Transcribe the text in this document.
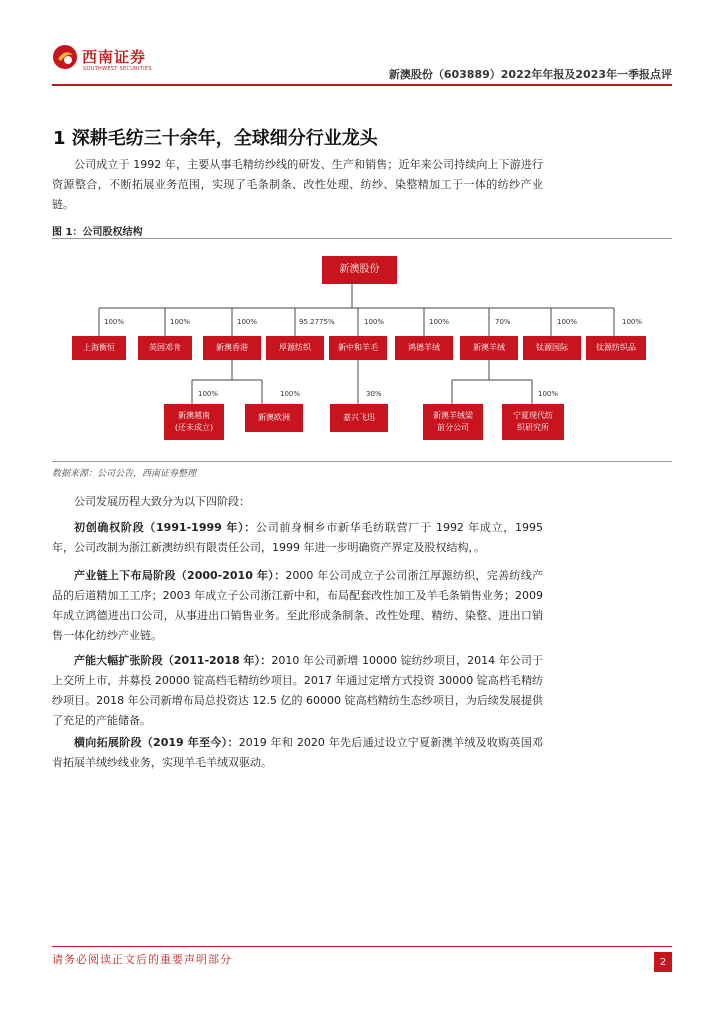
西南证券
SOUTHWEST SECURITIES	新澳股份（603889）2022年年报及2023年一季报点评
1 深耕毛纺三十余年，全球细分行业龙头
公司成立于 1992 年，主要从事毛精纺纱线的研发、生产和销售；近年来公司持续向上下游进行资源整合，不断拓展业务范围，实现了毛条制条、改性处理、纺纱、染整精加工于一体的纺纱产业链。
图 1：公司股权结构
新澳股份
100%	100%	100%	95.2775%	100%	100%	70%	100%	100%
上海衡恒	英国邓肯	新澳香港	厚源纺织	新中和羊毛	鸿德羊绒	新澳羊绒	钛源国际	钛源纺织品
100%	100%	30%	100%
新澳越南
(还未成立)
新澳欧洲	嘉兴飞迅	新澳羊绒梁
前分公司
宁夏现代纺
织研究所
数据来源：公司公告，西南证券整理
公司发展历程大致分为以下四阶段：
初创确权阶段（1991-1999 年）：公司前身桐乡市新华毛纺联营厂于 1992 年成立，1995 年，公司改制为浙江新澳纺织有限责任公司，1999 年进一步明确资产界定及股权结构，。
产业链上下布局阶段（2000-2010 年）：2000 年公司成立子公司浙江厚源纺织，完善纺线产品的后道精加工工序；2003 年成立子公司浙江新中和，布局配套改性加工及羊毛条销售业务；2009 年成立鸿德进出口公司，从事进出口销售业务。至此形成条制条、改性处理、精纺、染整、进出口销售一体化纺纱产业链。
产能大幅扩张阶段（2011-2018 年）：2010 年公司新增 10000 锭纺纱项目，2014 年公司于上交所上市，并募投 20000 锭高档毛精纺纱项目。2017 年通过定增方式投资 30000 锭高档毛精纺纱项目。2018 年公司新增布局总投资达 12.5 亿的 60000 锭高档精纺生态纱项目，为后续发展提供了充足的产能储备。
横向拓展阶段（2019 年至今）：2019 年和 2020 年先后通过设立宁夏新澳羊绒及收购英国邓肯拓展羊绒纱线业务，实现羊毛羊绒双驱动。
请务必阅读正文后的重要声明部分	2
